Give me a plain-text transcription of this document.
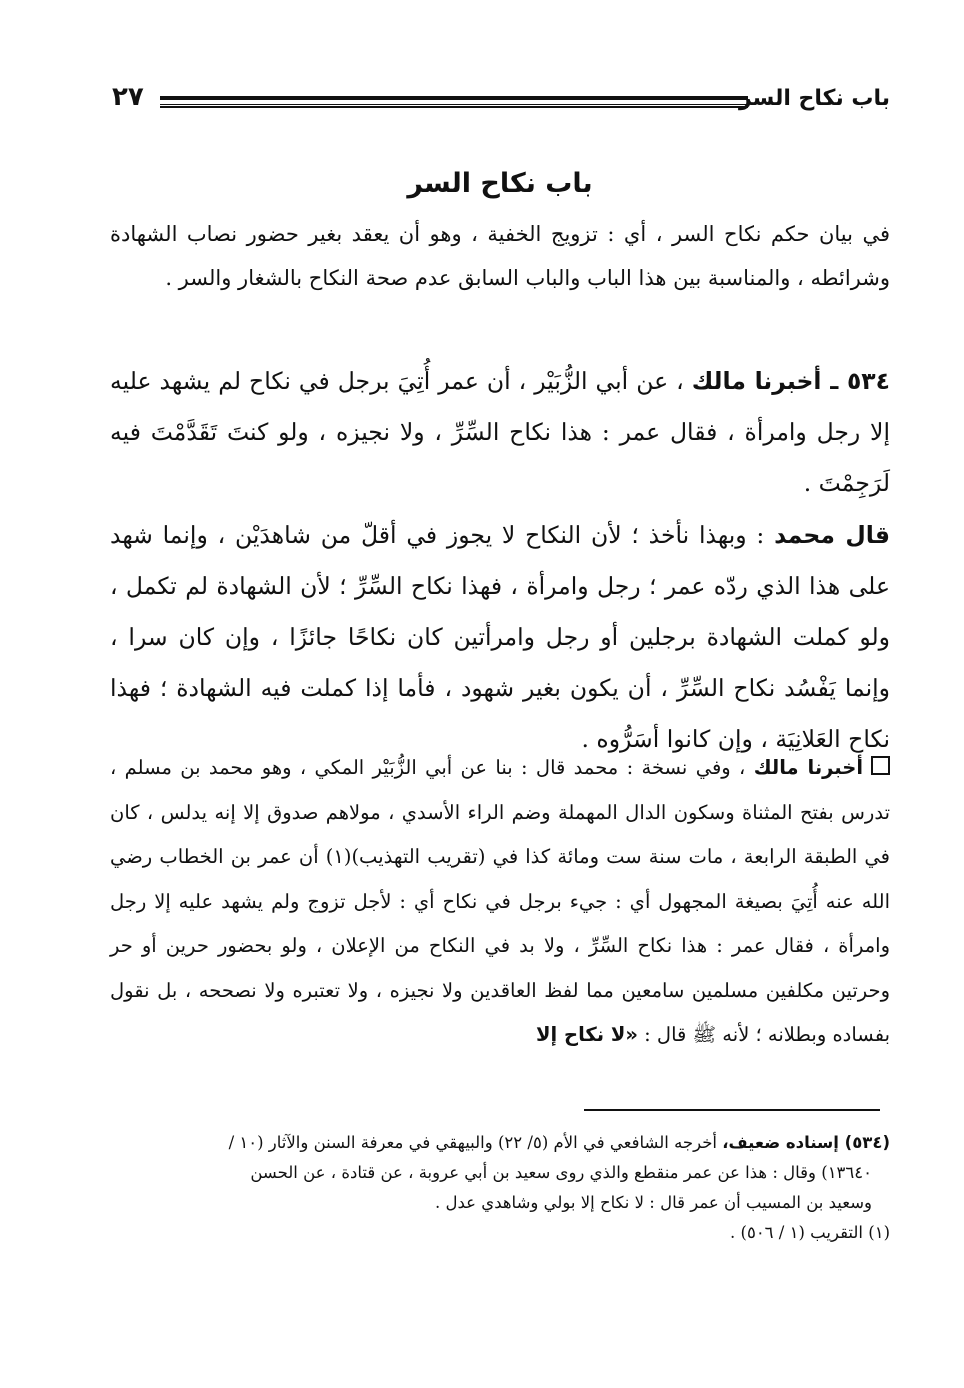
باب نكاح السر
٢٧
باب نكاح السر
في بيان حكم نكاح السر ، أي : تزويج الخفية ، وهو أن يعقد بغير حضور نصاب الشهادة وشرائطه ، والمناسبة بين هذا الباب والباب السابق عدم صحة النكاح بالشغار والسر .
٥٣٤ ـ أخبرنا مالك ، عن أبي الزُّبَيْر ، أن عمر أُتِيَ برجل في نكاح لم يشهد عليه إلا رجل وامرأة ، فقال عمر : هذا نكاح السِّرِّ ، ولا نجيزه ، ولو كنتَ تَقَدَّمْتَ فيه لَرَجِمْتَ .
قال محمد : وبهذا نأخذ ؛ لأن النكاح لا يجوز في أقلّ من شاهدَيْن ، وإنما شهد على هذا الذي ردّه عمر ؛ رجل وامرأة ، فهذا نكاح السِّرِّ ؛ لأن الشهادة لم تكمل ، ولو كملت الشهادة برجلين أو رجل وامرأتين كان نكاحًا جائزًا ، وإن كان سرا ، وإنما يَفْسُد نكاح السِّرِّ ، أن يكون بغير شهود ، فأما إذا كملت فيه الشهادة ؛ فهذا نكاح العَلانِيَة ، وإن كانوا أسَرُّوه .
أخبرنا مالك ، وفي نسخة : محمد قال : بنا عن أبي الزُّبَيْر المكي ، وهو محمد بن مسلم ، تدرس بفتح المثناة وسكون الدال المهملة وضم الراء الأسدي ، مولاهم صدوق إلا إنه يدلس ، كان في الطبقة الرابعة ، مات سنة ست ومائة كذا في (تقريب التهذيب)(١) أن عمر بن الخطاب رضي الله عنه أُتِيَ بصيغة المجهول أي : جيء برجل في نكاح أي : لأجل تزوج ولم يشهد عليه إلا رجل وامرأة ، فقال عمر : هذا نكاح السِّرِّ ، ولا بد في النكاح من الإعلان ، ولو بحضور حرين أو حر وحرتين مكلفين مسلمين سامعين مما لفظ العاقدين ولا نجيزه ، ولا تعتبره ولا نصححه ، بل نقول بفساده وبطلانه ؛ لأنه ﷺ قال : «لا نكاح إلا
(٥٣٤) إسناده ضعيف، أخرجه الشافعي في الأم (٥/ ٢٢) والبيهقي في معرفة السنن والآثار (١٠ /
١٣٦٤٠) وقال : هذا عن عمر منقطع والذي روى سعيد بن أبي عروبة ، عن قتادة ، عن الحسن
وسعيد بن المسيب أن عمر قال : لا نكاح إلا بولي وشاهدي عدل .
(١) التقريب (١ / ٥٠٦) .
